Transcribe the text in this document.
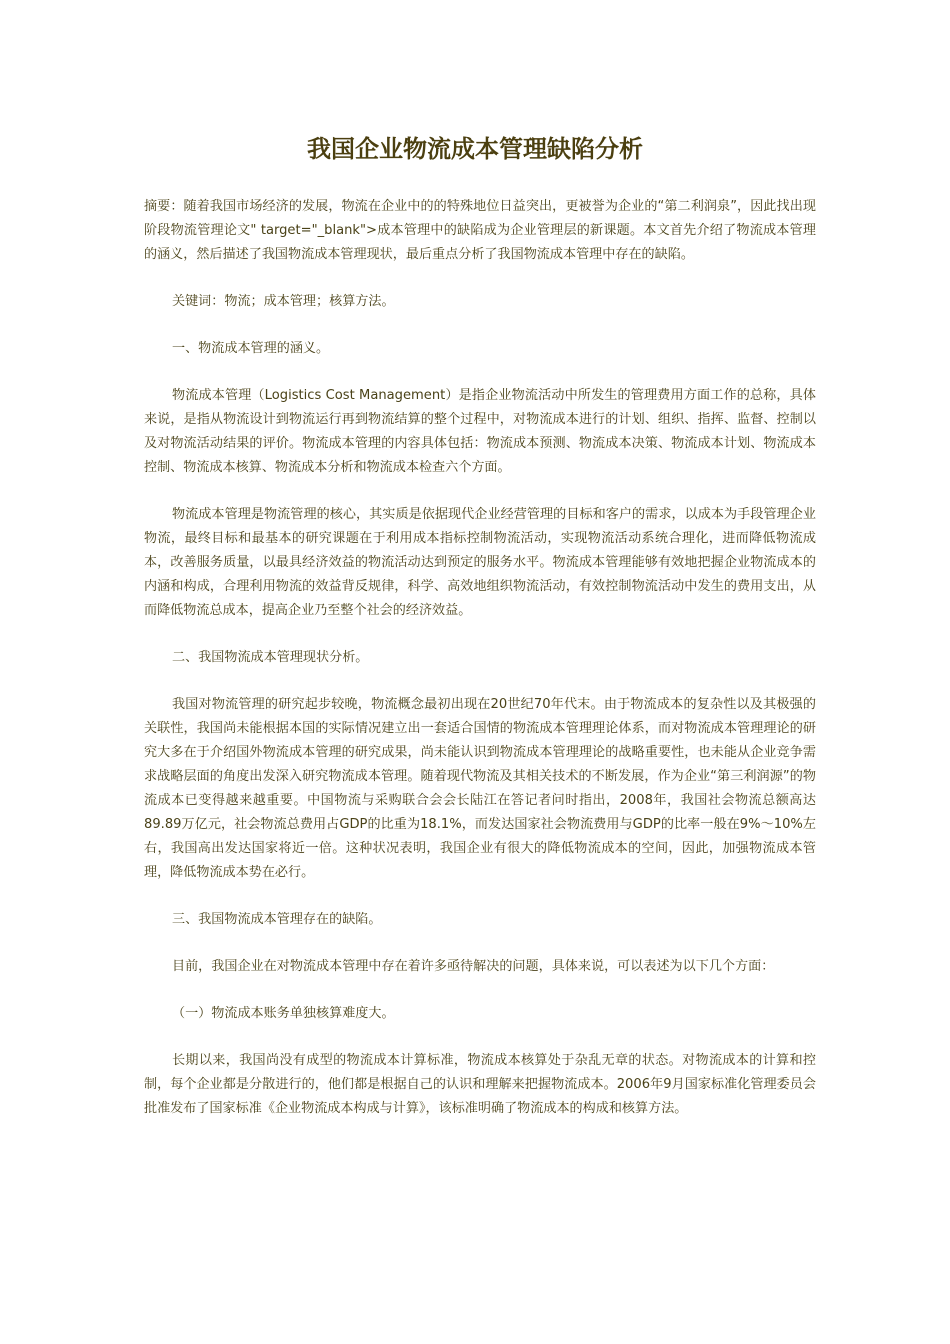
我国企业物流成本管理缺陷分析

摘要：随着我国市场经济的发展，物流在企业中的的特殊地位日益突出，更被誉为企业的“第二利润泉”，因此找出现阶段物流管理论文" target="_blank">成本管理中的缺陷成为企业管理层的新课题。本文首先介绍了物流成本管理的涵义，然后描述了我国物流成本管理现状，最后重点分析了我国物流成本管理中存在的缺陷。

关键词：物流；成本管理；核算方法。

一、物流成本管理的涵义。

物流成本管理（Logistics Cost Management）是指企业物流活动中所发生的管理费用方面工作的总称，具体来说，是指从物流设计到物流运行再到物流结算的整个过程中，对物流成本进行的计划、组织、指挥、监督、控制以及对物流活动结果的评价。物流成本管理的内容具体包括：物流成本预测、物流成本决策、物流成本计划、物流成本控制、物流成本核算、物流成本分析和物流成本检查六个方面。

物流成本管理是物流管理的核心，其实质是依据现代企业经营管理的目标和客户的需求，以成本为手段管理企业物流，最终目标和最基本的研究课题在于利用成本指标控制物流活动，实现物流活动系统合理化，进而降低物流成本，改善服务质量，以最具经济效益的物流活动达到预定的服务水平。物流成本管理能够有效地把握企业物流成本的内涵和构成，合理利用物流的效益背反规律，科学、高效地组织物流活动，有效控制物流活动中发生的费用支出，从而降低物流总成本，提高企业乃至整个社会的经济效益。

二、我国物流成本管理现状分析。

我国对物流管理的研究起步较晚，物流概念最初出现在20世纪70年代末。由于物流成本的复杂性以及其极强的关联性，我国尚未能根据本国的实际情况建立出一套适合国情的物流成本管理理论体系，而对物流成本管理理论的研究大多在于介绍国外物流成本管理的研究成果，尚未能认识到物流成本管理理论的战略重要性，也未能从企业竞争需求战略层面的角度出发深入研究物流成本管理。随着现代物流及其相关技术的不断发展，作为企业“第三利润源”的物流成本已变得越来越重要。中国物流与采购联合会会长陆江在答记者问时指出，2008年，我国社会物流总额高达89.89万亿元，社会物流总费用占GDP的比重为18.1%，而发达国家社会物流费用与GDP的比率一般在9%～10%左右，我国高出发达国家将近一倍。这种状况表明，我国企业有很大的降低物流成本的空间，因此，加强物流成本管理，降低物流成本势在必行。

三、我国物流成本管理存在的缺陷。

目前，我国企业在对物流成本管理中存在着许多亟待解决的问题，具体来说，可以表述为以下几个方面：

（一）物流成本账务单独核算难度大。

长期以来，我国尚没有成型的物流成本计算标准，物流成本核算处于杂乱无章的状态。对物流成本的计算和控制，每个企业都是分散进行的，他们都是根据自己的认识和理解来把握物流成本。2006年9月国家标准化管理委员会批准发布了国家标准《企业物流成本构成与计算》，该标准明确了物流成本的构成和核算方法。
